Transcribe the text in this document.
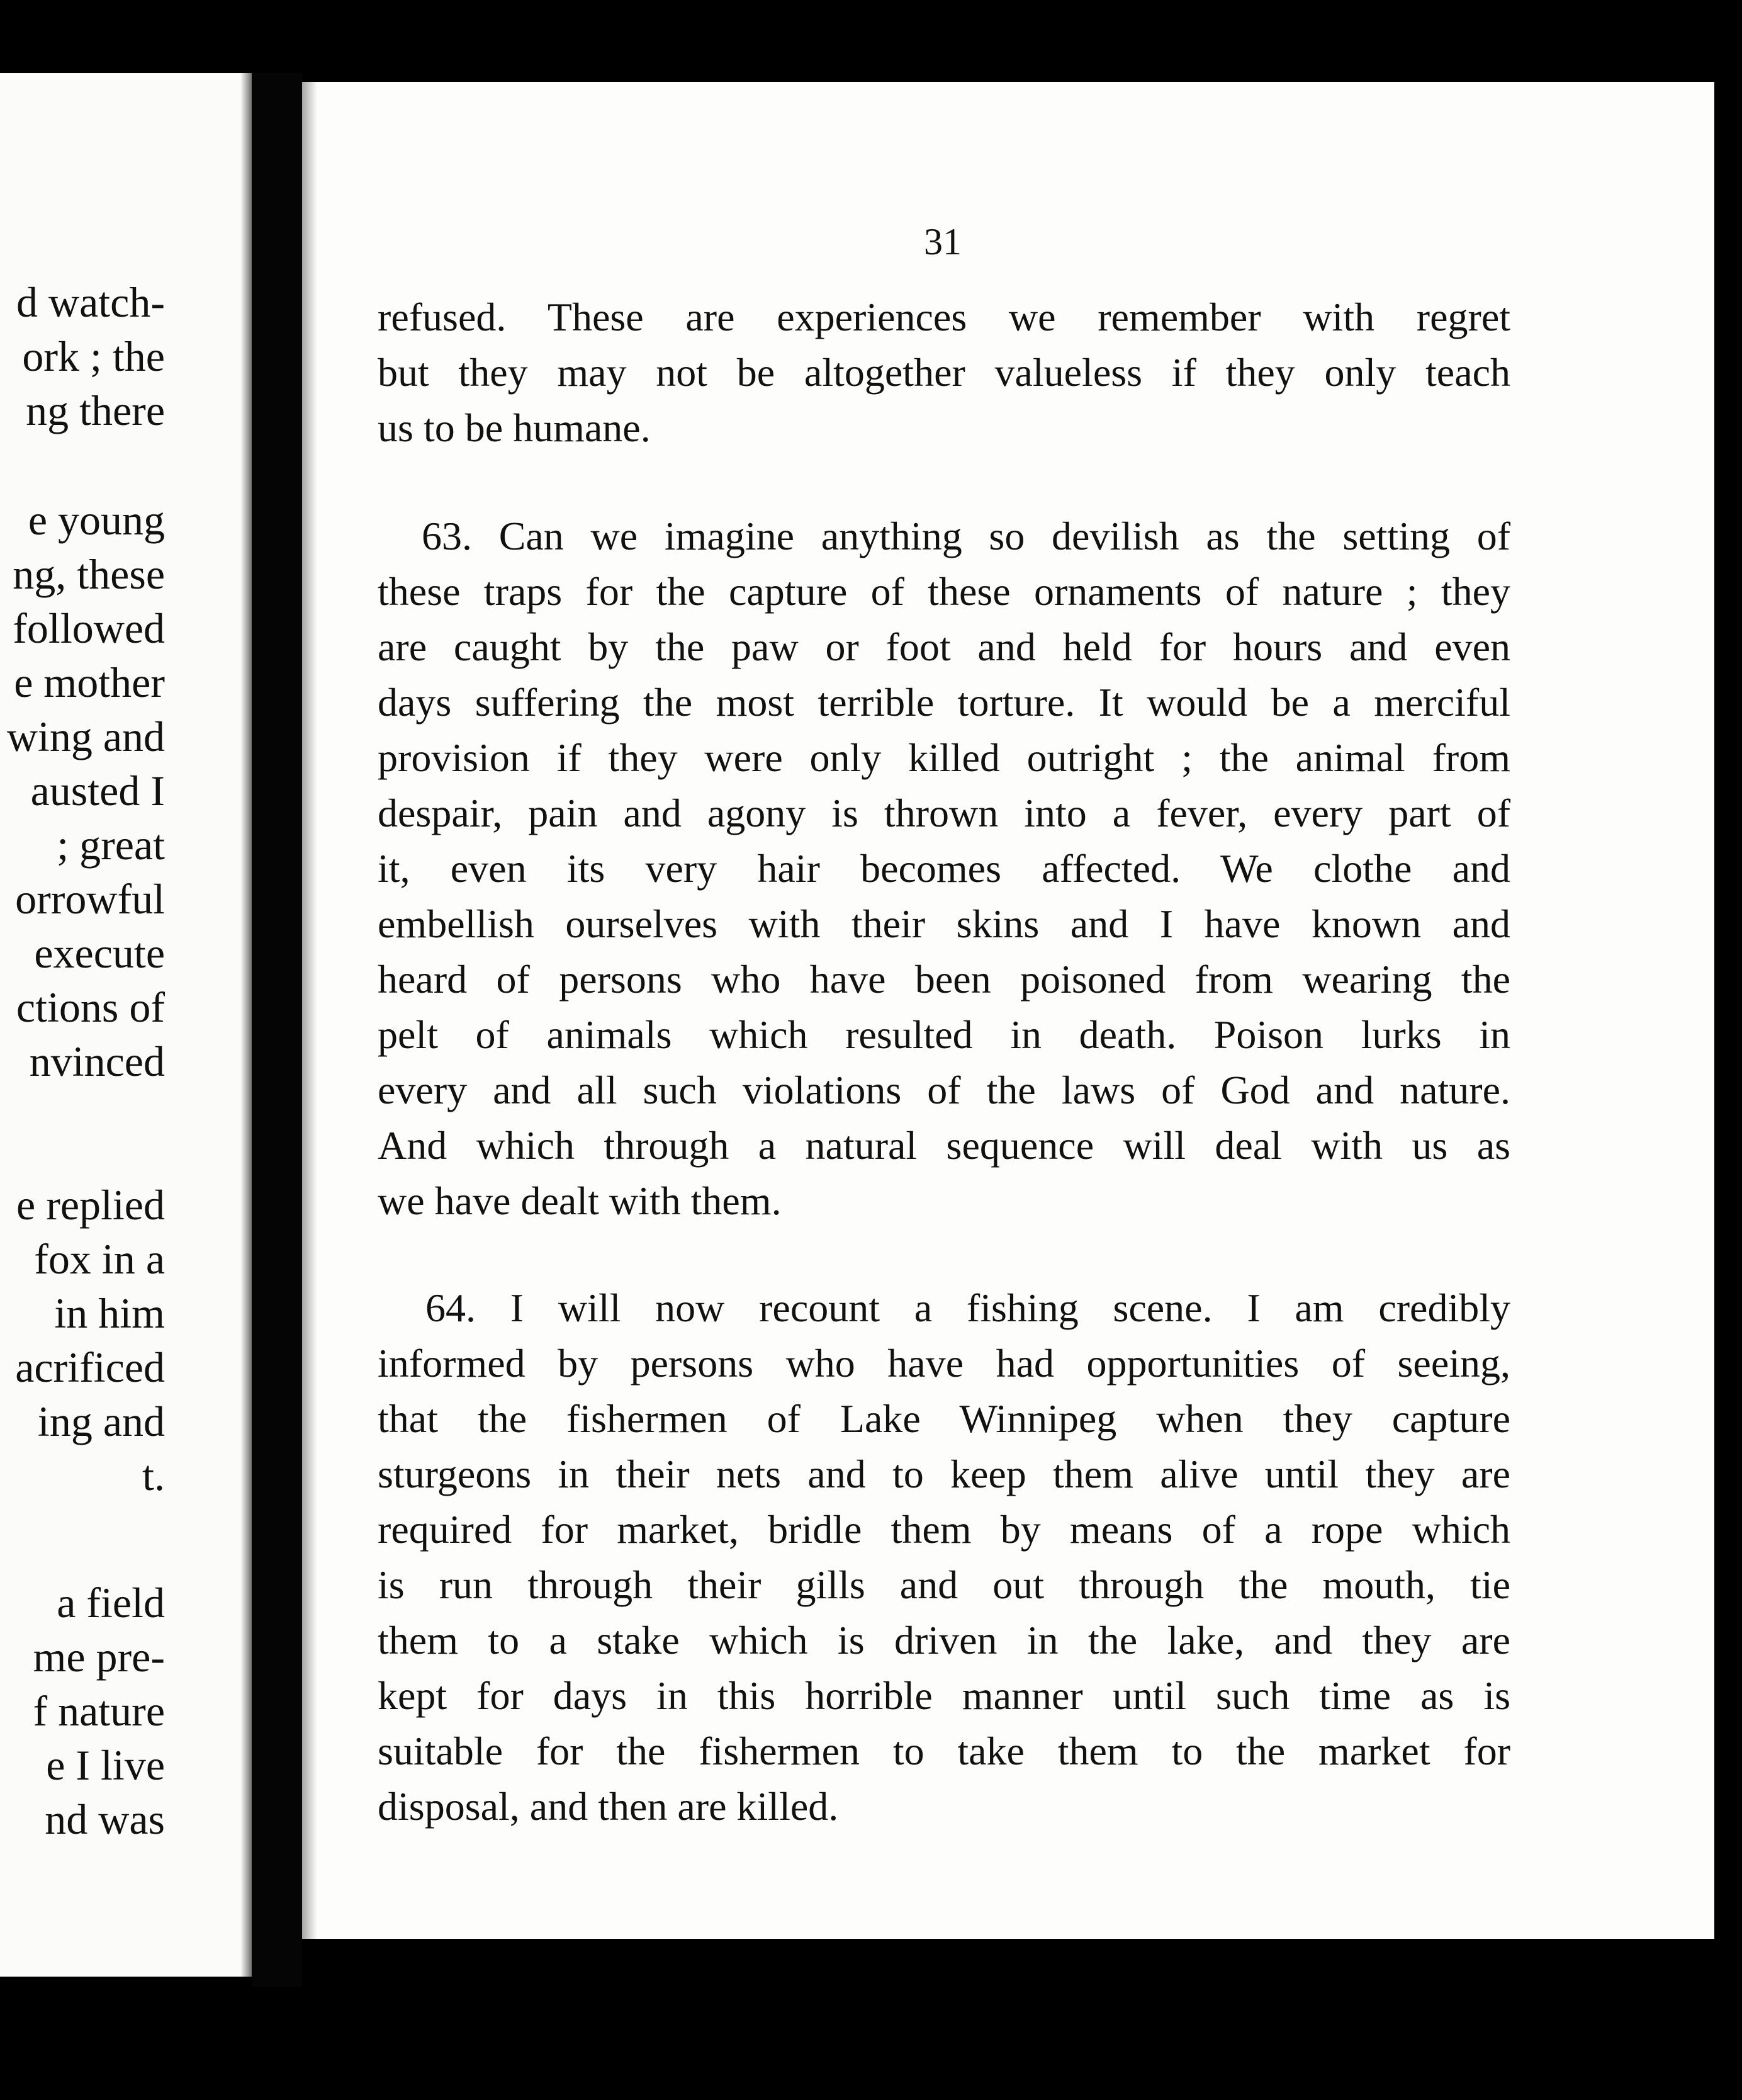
d watch-
ork ; the
ng there
e young
ng, these
followed
e mother
wing and
austed I
; great
orrowful
execute
ctions of
nvinced
e replied
fox in a
in him
acrificed
ing and
t.
a field
me pre-
f nature
e I live
nd was
31
refused. These are experiences we remember with regret
but they may not be altogether valueless if they only teach
us to be humane.
63. Can we imagine anything so devilish as the setting of
these traps for the capture of these ornaments of nature ; they
are caught by the paw or foot and held for hours and even
days suffering the most terrible torture. It would be a merciful
provision if they were only killed outright ; the animal from
despair, pain and agony is thrown into a fever, every part of
it, even its very hair becomes affected. We clothe and
embellish ourselves with their skins and I have known and
heard of persons who have been poisoned from wearing the
pelt of animals which resulted in death. Poison lurks in
every and all such violations of the laws of God and nature.
And which through a natural sequence will deal with us as
we have dealt with them.
64. I will now recount a fishing scene. I am credibly
informed by persons who have had opportunities of seeing,
that the fishermen of Lake Winnipeg when they capture
sturgeons in their nets and to keep them alive until they are
required for market, bridle them by means of a rope which
is run through their gills and out through the mouth, tie
them to a stake which is driven in the lake, and they are
kept for days in this horrible manner until such time as is
suitable for the fishermen to take them to the market for
disposal, and then are killed.
